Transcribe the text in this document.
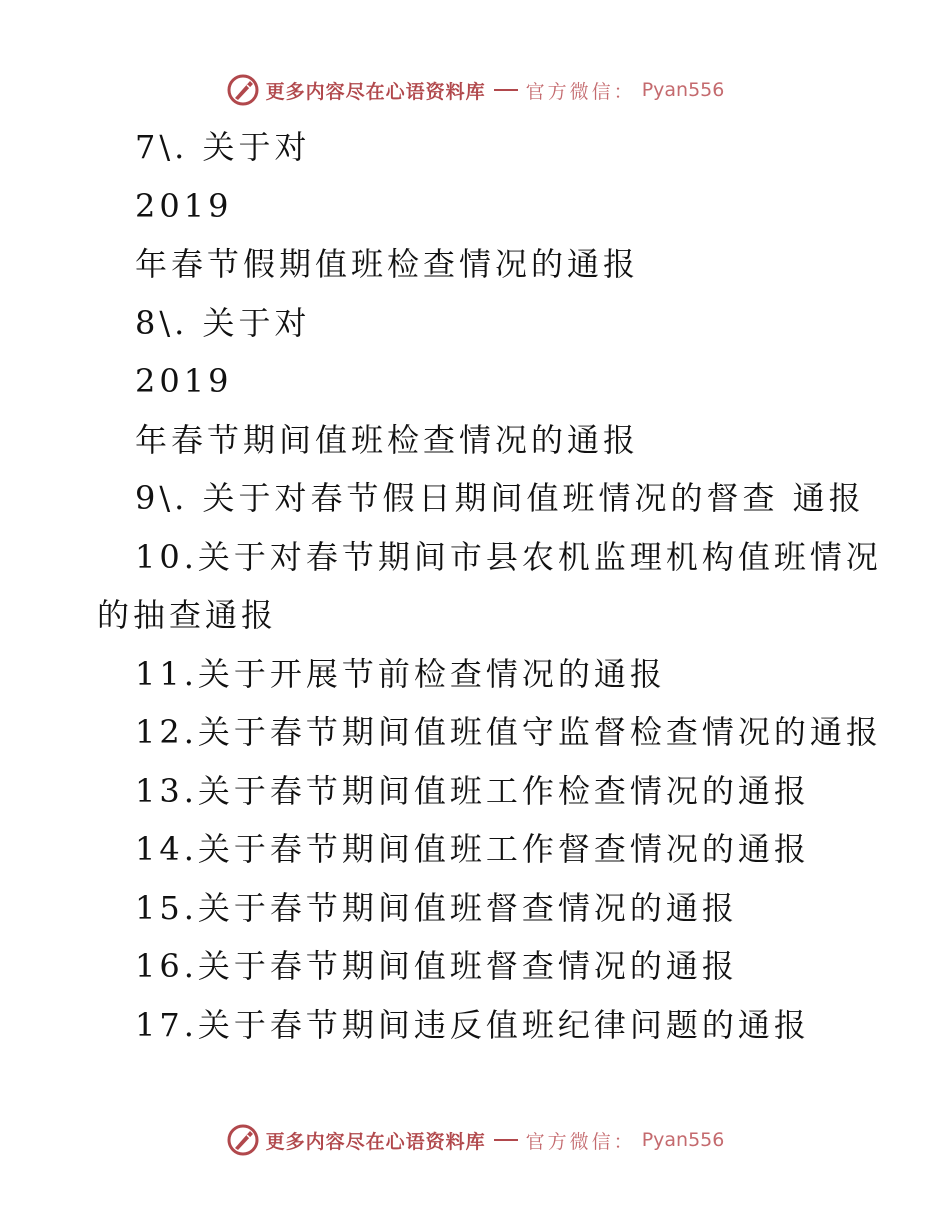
更多内容尽在心语资料库 官方微信： Pyan556

7\. 关于对

2019

年春节假期值班检查情况的通报

8\. 关于对

2019

年春节期间值班检查情况的通报

9\. 关于对春节假日期间值班情况的督查 通报

10.关于对春节期间市县农机监理机构值班情况

的抽查通报

11.关于开展节前检查情况的通报

12.关于春节期间值班值守监督检查情况的通报

13.关于春节期间值班工作检查情况的通报

14.关于春节期间值班工作督查情况的通报

15.关于春节期间值班督查情况的通报

16.关于春节期间值班督查情况的通报

17.关于春节期间违反值班纪律问题的通报

更多内容尽在心语资料库 官方微信： Pyan556
